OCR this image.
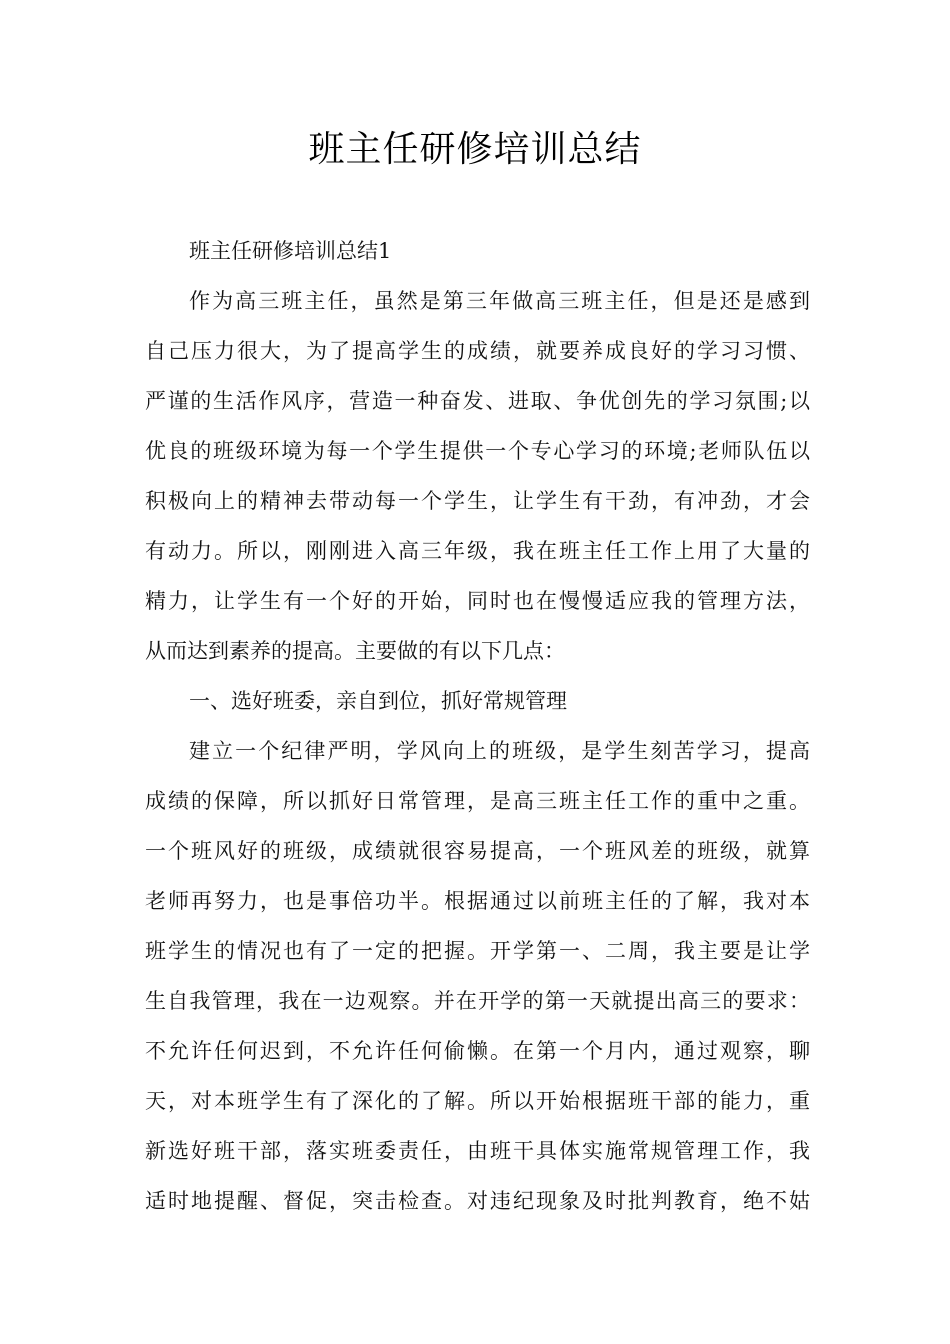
班主任研修培训总结
班主任研修培训总结1
作为高三班主任，虽然是第三年做高三班主任，但是还是感到
自己压力很大，为了提高学生的成绩，就要养成良好的学习习惯、
严谨的生活作风序，营造一种奋发、进取、争优创先的学习氛围;以
优良的班级环境为每一个学生提供一个专心学习的环境;老师队伍以
积极向上的精神去带动每一个学生，让学生有干劲，有冲劲，才会
有动力。所以，刚刚进入高三年级，我在班主任工作上用了大量的
精力，让学生有一个好的开始，同时也在慢慢适应我的管理方法，
从而达到素养的提高。主要做的有以下几点：
一、选好班委，亲自到位，抓好常规管理
建立一个纪律严明，学风向上的班级，是学生刻苦学习，提高
成绩的保障，所以抓好日常管理，是高三班主任工作的重中之重。
一个班风好的班级，成绩就很容易提高，一个班风差的班级，就算
老师再努力，也是事倍功半。根据通过以前班主任的了解，我对本
班学生的情况也有了一定的把握。开学第一、二周，我主要是让学
生自我管理，我在一边观察。并在开学的第一天就提出高三的要求：
不允许任何迟到，不允许任何偷懒。在第一个月内，通过观察，聊
天，对本班学生有了深化的了解。所以开始根据班干部的能力，重
新选好班干部，落实班委责任，由班干具体实施常规管理工作，我
适时地提醒、督促，突击检查。对违纪现象及时批判教育，绝不姑
